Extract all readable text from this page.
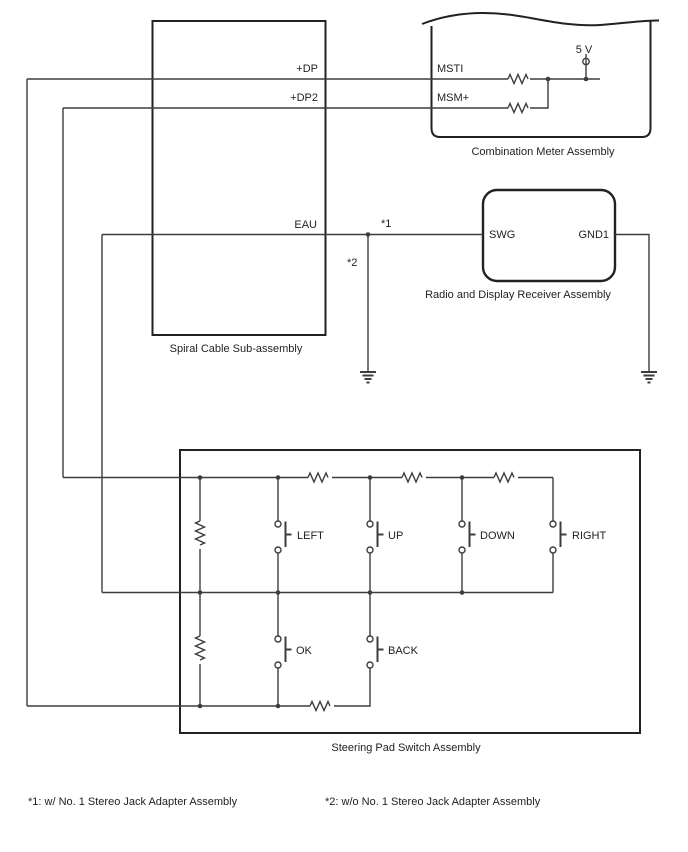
+DP
+DP2
EAU
MSTI
MSM+
5 V
SWG	GND1
*1
*2
LEFT	UP	DOWN	RIGHT
OK	BACK
Spiral Cable Sub-assembly
Combination Meter Assembly
Radio and Display Receiver Assembly
Steering Pad Switch Assembly
*1: w/ No. 1 Stereo Jack Adapter Assembly	*2: w/o No. 1 Stereo Jack Adapter Assembly
